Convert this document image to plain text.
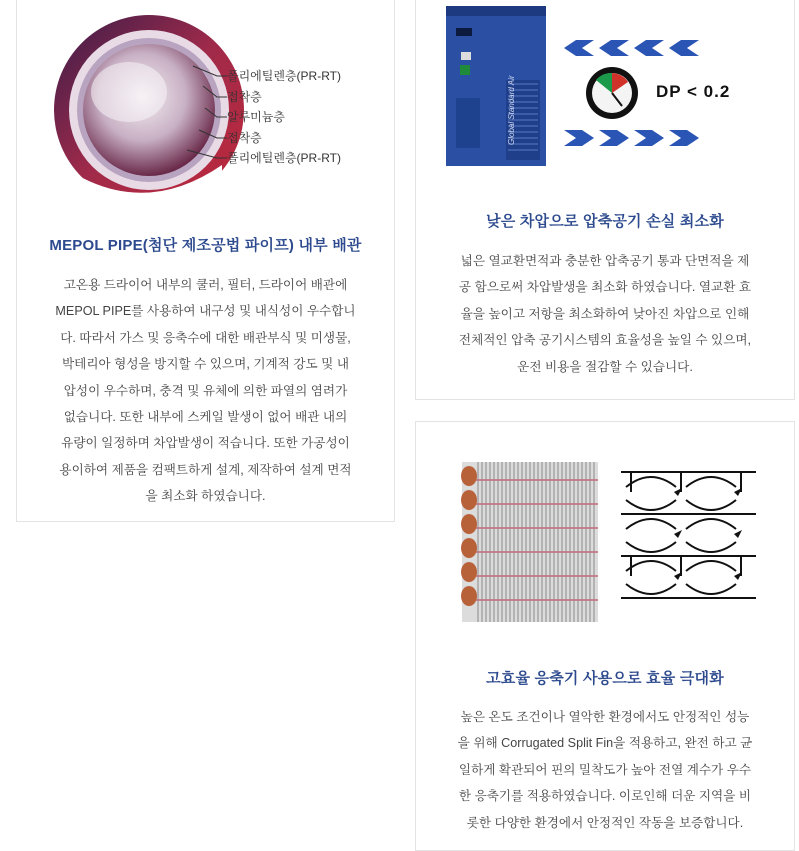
폴리에틸렌층(PR-RT)
접착층
알루미늄층
접착층
폴리에틸렌층(PR-RT)
MEPOL PIPE(첨단 제조공법 파이프) 내부 배관
고온용 드라이어 내부의 쿨러, 필터, 드라이어 배관에
MEPOL PIPE를 사용하여 내구성 및 내식성이 우수합니
다. 따라서 가스 및 응축수에 대한 배관부식 및 미생물,
박테리아 형성을 방지할 수 있으며, 기계적 강도 및 내
압성이 우수하며, 충격 및 유체에 의한 파열의 염려가
없습니다. 또한 내부에 스케일 발생이 없어 배관 내의
유량이 일정하며 차압발생이 적습니다. 또한 가공성이
용이하여 제품을 컴팩트하게 설계, 제작하여 설계 면적
을 최소화 하였습니다.
Global Standard Air	DP < 0.2
낮은 차압으로 압축공기 손실 최소화
넓은 열교환면적과 충분한 압축공기 통과 단면적을 제
공 함으로써 차압발생을 최소화 하였습니다. 열교환 효
율을 높이고 저항을 최소화하여 낮아진 차압으로 인해
전체적인 압축 공기시스템의 효율성을 높일 수 있으며,
운전 비용을 절감할 수 있습니다.
고효율 응축기 사용으로 효율 극대화
높은 온도 조건이나 열악한 환경에서도 안정적인 성능
을 위해 Corrugated Split Fin을 적용하고, 완전 하고 균
일하게 확관되어 핀의 밀착도가 높아 전열 계수가 우수
한 응축기를 적용하였습니다. 이로인해 더운 지역을 비
롯한 다양한 환경에서 안정적인 작동을 보증합니다.
